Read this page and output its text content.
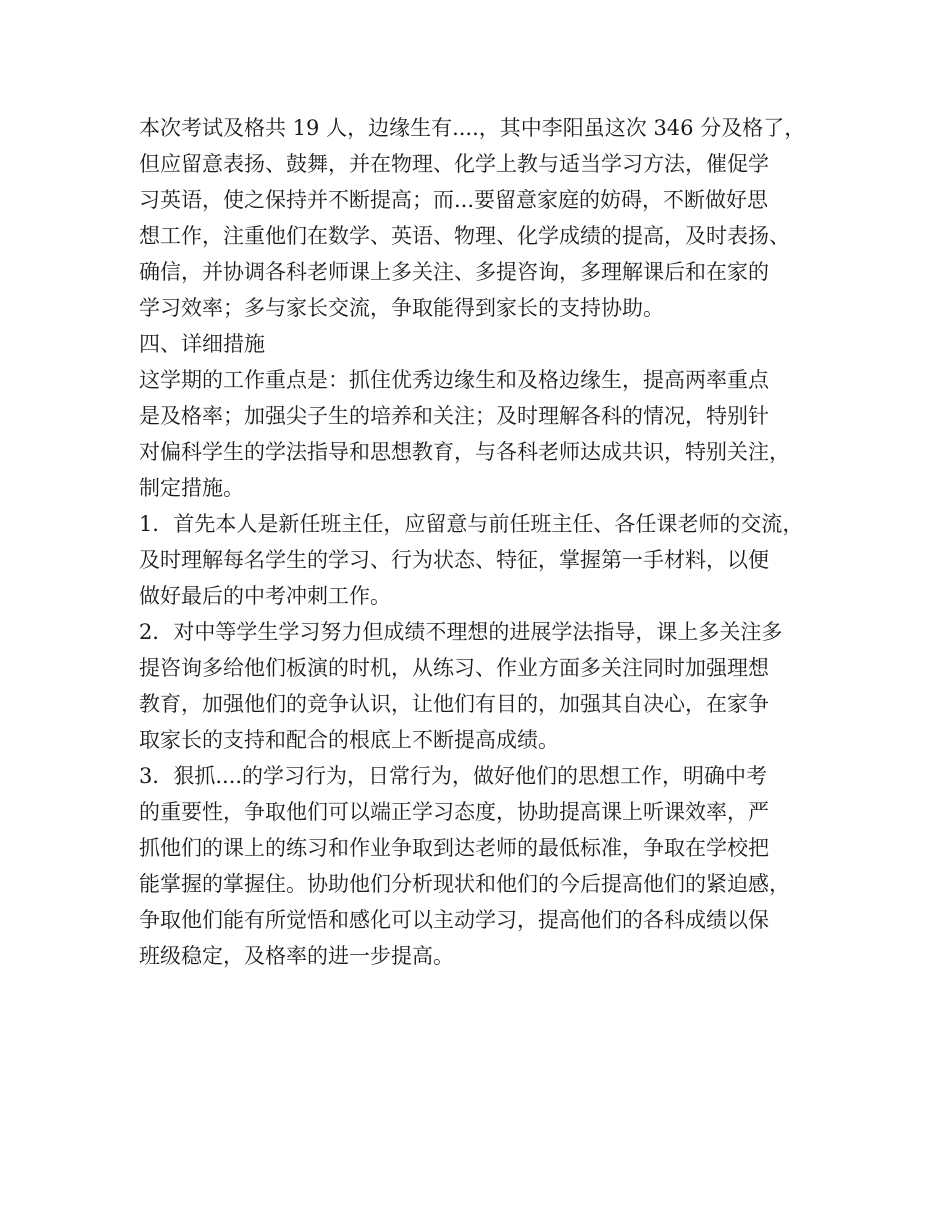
本次考试及格共 19 人，边缘生有....，其中李阳虽这次 346 分及格了，
但应留意表扬、鼓舞，并在物理、化学上教与适当学习方法，催促学
习英语，使之保持并不断提高；而...要留意家庭的妨碍，不断做好思
想工作，注重他们在数学、英语、物理、化学成绩的提高，及时表扬、
确信，并协调各科老师课上多关注、多提咨询，多理解课后和在家的
学习效率；多与家长交流，争取能得到家长的支持协助。
四、详细措施
这学期的工作重点是：抓住优秀边缘生和及格边缘生，提高两率重点
是及格率；加强尖子生的培养和关注；及时理解各科的情况，特别针
对偏科学生的学法指导和思想教育，与各科老师达成共识，特别关注，
制定措施。
1．首先本人是新任班主任，应留意与前任班主任、各任课老师的交流，
及时理解每名学生的学习、行为状态、特征，掌握第一手材料，以便
做好最后的中考冲刺工作。
2．对中等学生学习努力但成绩不理想的进展学法指导，课上多关注多
提咨询多给他们板演的时机，从练习、作业方面多关注同时加强理想
教育，加强他们的竞争认识，让他们有目的，加强其自决心，在家争
取家长的支持和配合的根底上不断提高成绩。
3．狠抓....的学习行为，日常行为，做好他们的思想工作，明确中考
的重要性，争取他们可以端正学习态度，协助提高课上听课效率，严
抓他们的课上的练习和作业争取到达老师的最低标准，争取在学校把
能掌握的掌握住。协助他们分析现状和他们的今后提高他们的紧迫感，
争取他们能有所觉悟和感化可以主动学习，提高他们的各科成绩以保
班级稳定，及格率的进一步提高。
